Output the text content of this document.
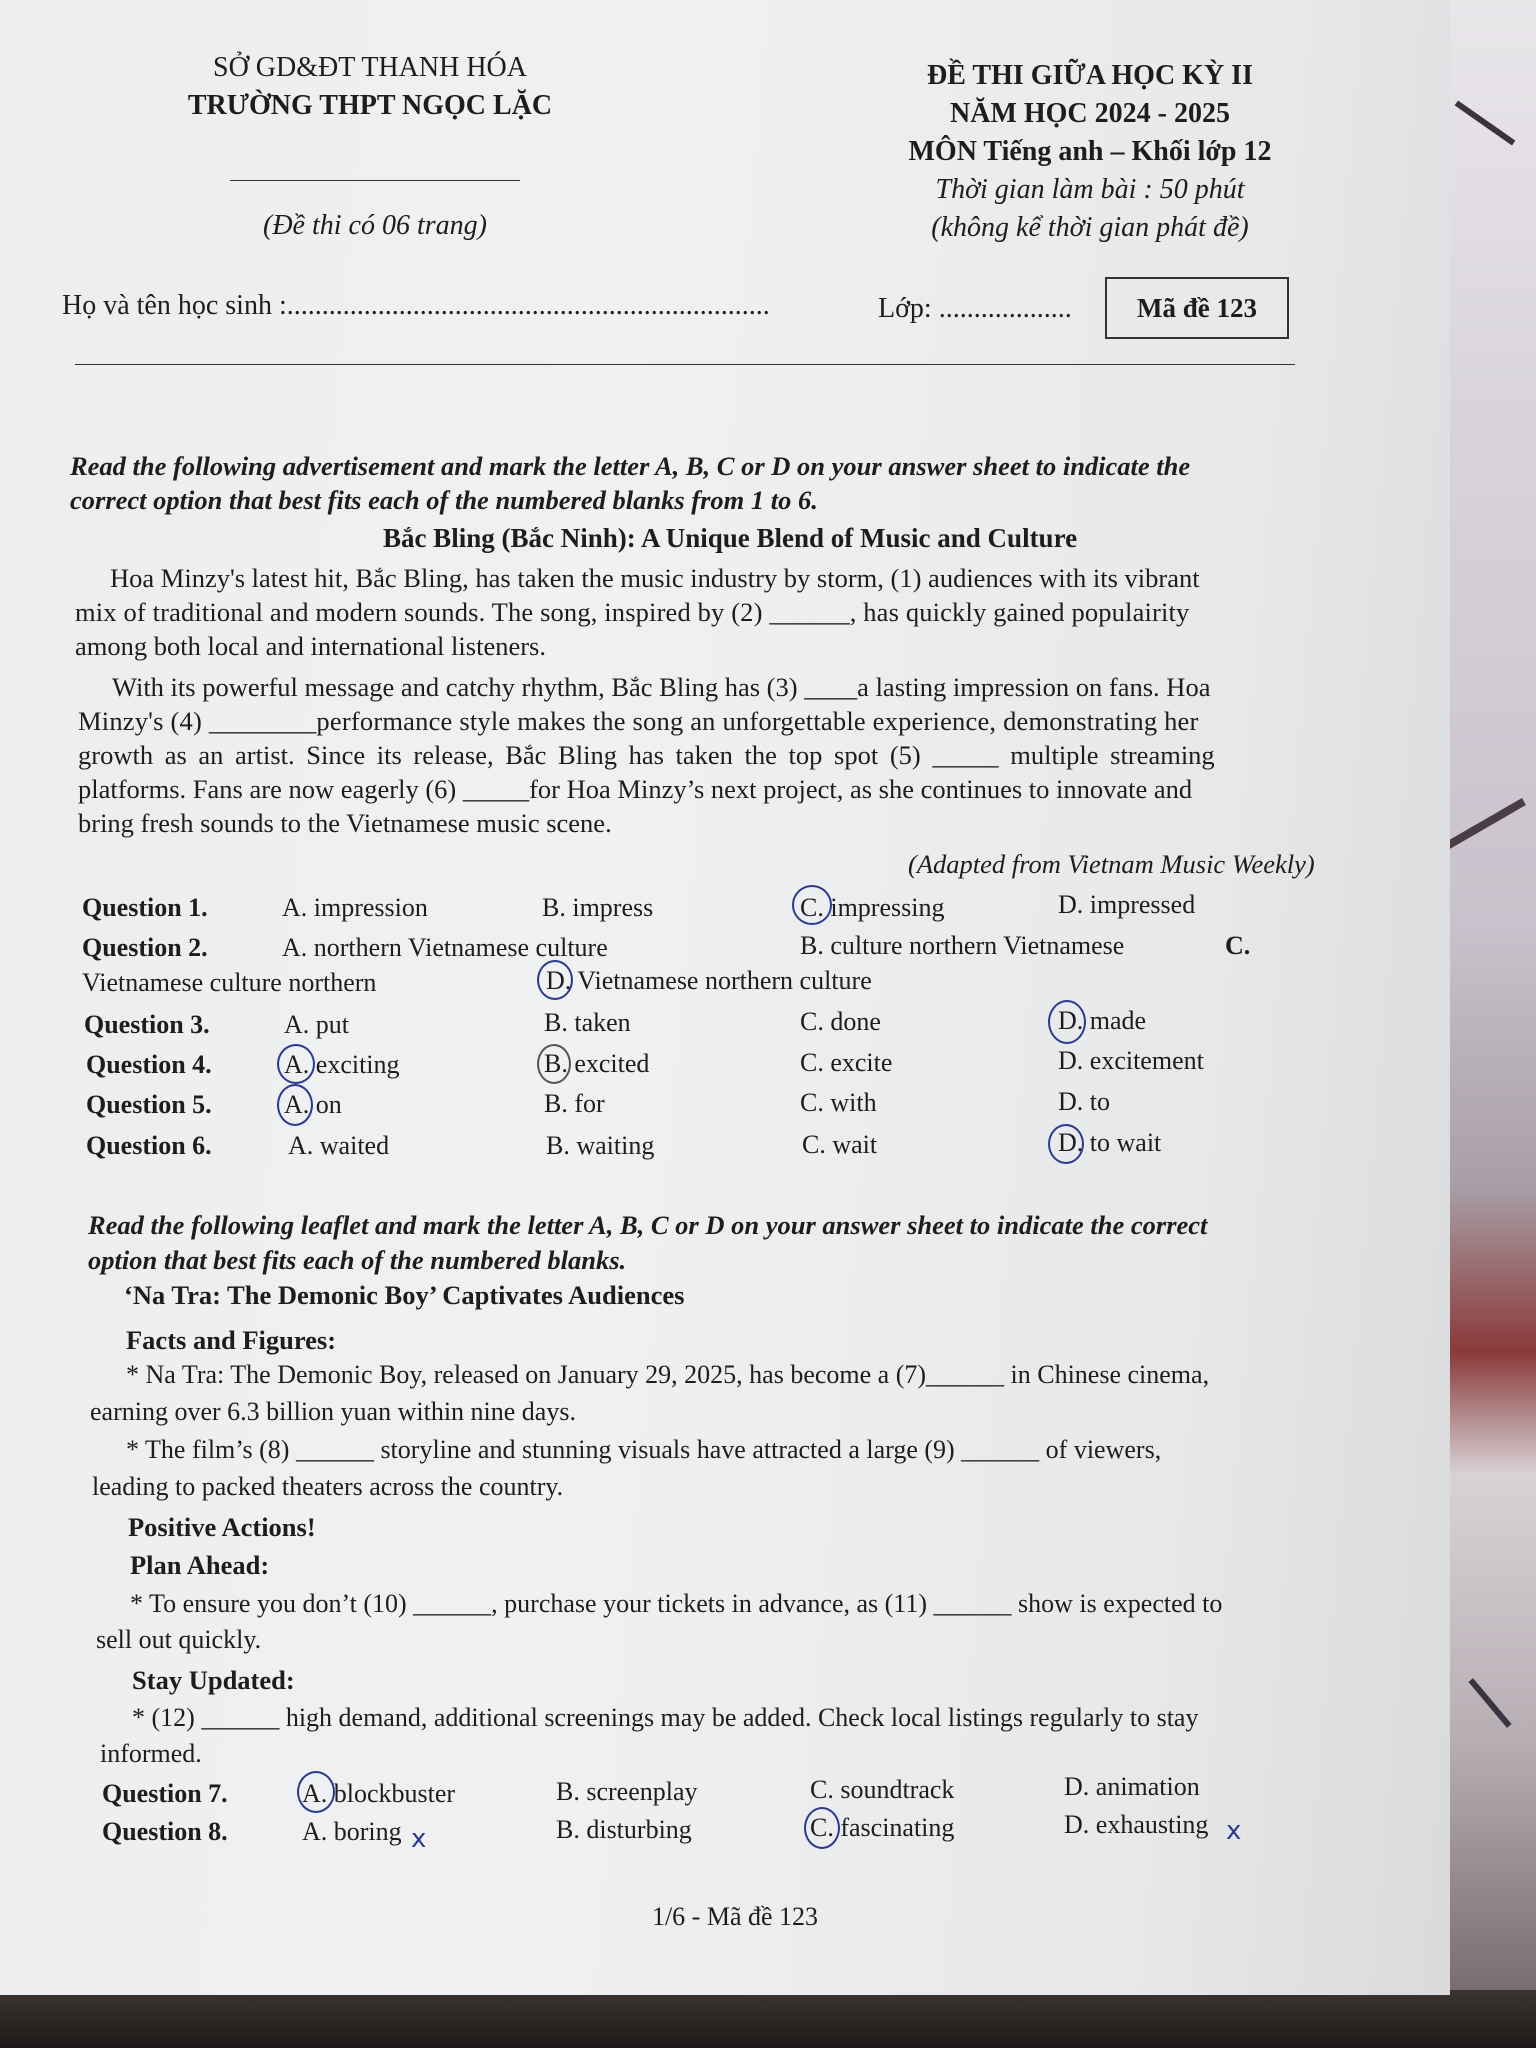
SỞ GD&ĐT THANH HÓA
TRƯỜNG THPT NGỌC LẶC
(Đề thi có 06 trang)
ĐỀ THI GIỮA HỌC KỲ II
NĂM HỌC 2024 - 2025
MÔN Tiếng anh – Khối lớp 12
Thời gian làm bài : 50 phút
(không kể thời gian phát đề)
Họ và tên học sinh :.....................................................................	Lớp: ...................	Mã đề 123
Read the following advertisement and mark the letter A, B, C or D on your answer sheet to indicate the
correct option that best fits each of the numbered blanks from 1 to 6.
Bắc Bling (Bắc Ninh): A Unique Blend of Music and Culture
Hoa Minzy's latest hit, Bắc Bling, has taken the music industry by storm, (1) audiences with its vibrant
mix of traditional and modern sounds. The song, inspired by (2) ______, has quickly gained populairity
among both local and international listeners.
With its powerful message and catchy rhythm, Bắc Bling has (3) ____a lasting impression on fans. Hoa
Minzy's (4) ________performance style makes the song an unforgettable experience, demonstrating her
growth as an artist. Since its release, Bắc Bling has taken the top spot (5) _____ multiple streaming
platforms. Fans are now eagerly (6) _____for Hoa Minzy’s next project, as she continues to innovate and
bring fresh sounds to the Vietnamese music scene.
(Adapted from Vietnam Music Weekly)
Question 1.	A. impression	B. impress	C. impressing	D. impressed
Question 2.	A. northern Vietnamese culture	B. culture northern Vietnamese	C.
Vietnamese culture northern	D. Vietnamese northern culture
Question 3.	A. put	B. taken	C. done	D. made
Question 4.	A. exciting	B. excited	C. excite	D. excitement
Question 5.	A. on	B. for	C. with	D. to
Question 6.	A. waited	B. waiting	C. wait	D. to wait
Read the following leaflet and mark the letter A, B, C or D on your answer sheet to indicate the correct
option that best fits each of the numbered blanks.
‘Na Tra: The Demonic Boy’ Captivates Audiences
Facts and Figures:
* Na Tra: The Demonic Boy, released on January 29, 2025, has become a (7)______ in Chinese cinema,
earning over 6.3 billion yuan within nine days.
* The film’s (8) ______ storyline and stunning visuals have attracted a large (9) ______ of viewers,
leading to packed theaters across the country.
Positive Actions!
Plan Ahead:
* To ensure you don’t (10) ______, purchase your tickets in advance, as (11) ______ show is expected to
sell out quickly.
Stay Updated:
* (12) ______ high demand, additional screenings may be added. Check local listings regularly to stay
informed.
Question 7.	A. blockbuster	B. screenplay	C. soundtrack	D. animation
Question 8.	A. boring	B. disturbing	C. fascinating	D. exhausting
x	x
1/6 - Mã đề 123
